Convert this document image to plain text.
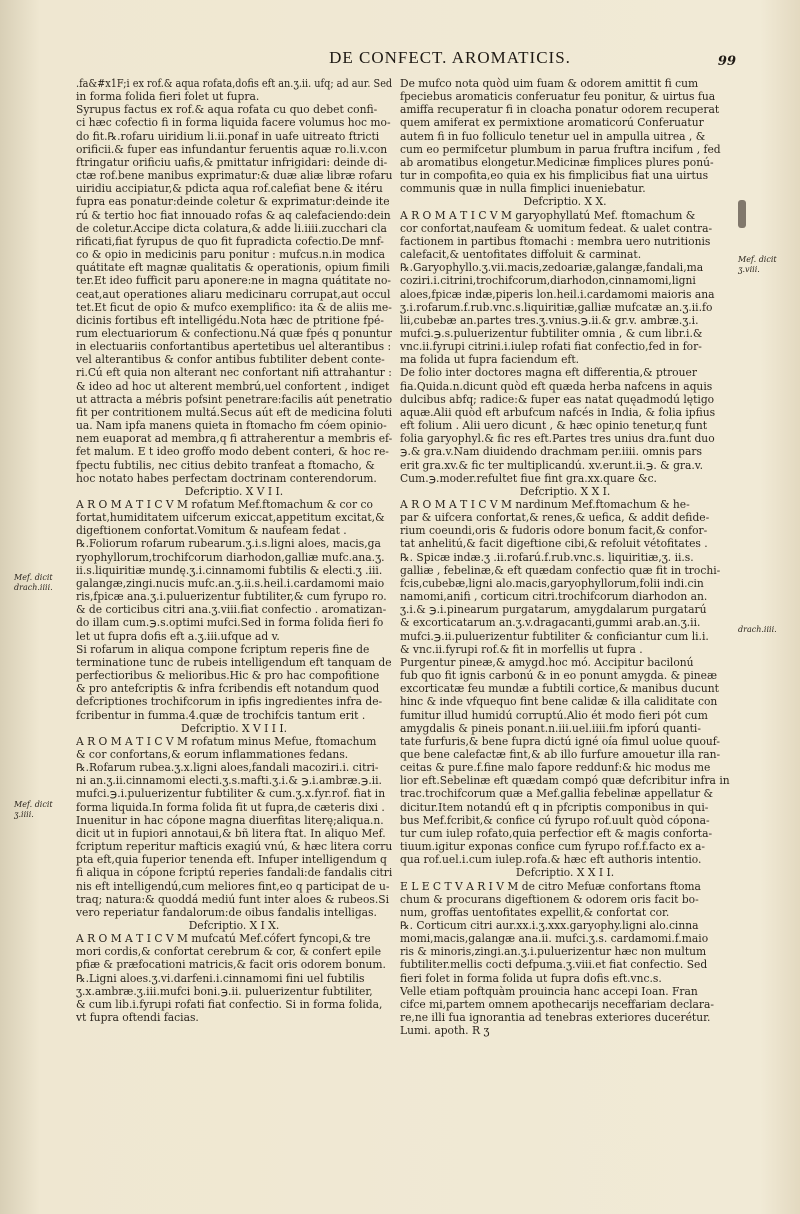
DE CONFECT. AROMATICIS.	99

.fa&#x1F;i ex rof.& aqua rofata,dofis eft an.ʒ.ii. ufq; ad aur. Sed

in forma folida fieri folet ut fupra.

Syrupus factus ex rof.& aqua rofata cu quo debet confi-

ci hæc cofectio fi in forma liquida facere volumus hoc mo-

do fit.℞.rofaru uiridium li.ii.ponaf in uafe uitreato ftricti

orificii.& fuper eas infundantur feruentis aquæ ro.li.v.con

ftringatur orificiu uafis,& pmittatur infrigidari: deinde di-

ctæ rof.bene manibus exprimatur:& duæ aliæ libræ rofaru

uiridiu accipiatur,& pdicta aqua rof.calefiat bene & itéru

fupra eas ponatur:deinde coletur & exprimatur:deinde ite

rú & tertio hoc fiat innouado rofas & aq calefaciendo:dein

de coletur.Accipe dicta colatura,& adde li.iiii.zucchari cla

rificati,fiat fyrupus de quo fit fupradicta cofectio.De mnf-

co & opio in medicinis paru ponitur : mufcus.n.in modica

quátitate eft magnæ qualitatis & operationis, opium fimili

ter.Et ideo fufficit paru aponere:ne in magna quátitate no-

ceat,aut operationes aliaru medicinaru corrupat,aut occul

tet.Et ficut de opio & mufco exemplifico: ita & de aliis me-

dicinis fortibus eft intelligédu.Nota hæc de ptritione fpé-

rum electuariorum & confectionu.Ná quæ fpés q ponuntur

in electuariis confortantibus apertetibus uel alterantibus :

vel alterantibus & confor antibus fubtiliter debent conte-

ri.Cú eft quia non alterant nec confortant nifi attrahantur :

& ideo ad hoc ut alterent membrú,uel confortent , indiget

ut attracta a mébris pofsint penetrare:facilis aút penetratio

fit per contritionem multá.Secus aút eft de medicina foluti

ua. Nam ipfa manens quieta in ftomacho fm cóem opinio-

nem euaporat ad membra,q fi attraherentur a membris ef-

fet malum. E t ideo groffo modo debent conteri, & hoc re-

fpectu fubtilis, nec citius debito tranfeat a ftomacho, &

hoc notato habes perfectam doctrinam conterendorum.

Defcriptio. X V I I.

A R O M A T I C V M rofatum Mef.ftomachum & cor co

fortat,humiditatem uifcerum exiccat,appetitum excitat,&

digeftionem confortat.Vomitum & naufeam fedat .

℞.Foliorum rofarum rubearum.ʒ.i.s.ligni aloes, macis,ga

ryophyllorum,trochifcorum diarhodon,galliæ mufc.ana.ʒ.

ii.s.liquiritiæ mundę.ʒ.i.cinnamomi fubtilis & electi.ʒ .iii.

galangæ,zingi.nucis mufc.an.ʒ.ii.s.heil.i.cardamomi maio

ris,fpicæ ana.ʒ.i.puluerizentur fubtiliter,& cum fyrupo ro.

& de corticibus citri ana.ʒ.viii.fiat confectio . aromatizan-

do illam cum.℈.s.optimi mufci.Sed in forma folida fieri fo

let ut fupra dofis eft a.ʒ.iii.ufque ad v.

Si rofarum in aliqua compone fcriptum reperis fine de

terminatione tunc de rubeis intelligendum eft tanquam de

perfectioribus & melioribus.Hic & pro hac compofitione

& pro antefcriptis & infra fcribendis eft notandum quod

defcriptiones trochifcorum in ipfis ingredientes infra de-

fcribentur in fumma.4.quæ de trochifcis tantum erit .

Defcriptio. X V I I I.

A R O M A T I C V M rofatum minus Mefue, ftomachum

& cor confortans,& eorum inflammationes fedans.

℞.Rofarum rubea.ʒ.x.ligni aloes,fandali macoziri.i. citri-

ni an.ʒ.ii.cinnamomi electi.ʒ.s.mafti.ʒ.i.& ℈.i.ambræ.℈.ii.

mufci.℈.i.puluerizentur fubtiliter & cum.ʒ.x.fyr.rof. fiat in

forma liquida.In forma folida fit ut fupra,de cæteris dixi .

Inuenitur in hac cópone magna diuerfitas literę;aliqua.n.

dicit ut in fupiori annotaui,& bñ litera ftat. In aliquo Mef.

fcriptum reperitur mafticis exagiú vnú, & hæc litera corru

pta eft,quia fuperior tenenda eft. Infuper intelligendum q

fi aliqua in cópone fcriptú reperies fandali:de fandalis citri

nis eft intelligendú,cum meliores fint,eo q participat de u-

traq; natura:& quoddá mediú funt inter aloes & rubeos.Si

vero reperiatur fandalorum:de oibus fandalis intelligas.

Defcriptio. X I X.

A R O M A T I C V M mufcatú Mef.cófert fyncopi,& tre

mori cordis,& confortat cerebrum & cor, & confert epile

pfiæ & præfocationi matricis,& facit oris odorem bonum.

℞.Ligni aloes.ʒ.vi.darfeni.i.cinnamomi fini uel fubtilis

ʒ.x.ambræ.ʒ.iii.mufci boni.℈.ii. puluerizentur fubtiliter,

& cum lib.i.fyrupi rofati fiat confectio. Si in forma folida,

vt fupra oftendi facias.

De mufco nota quòd uim fuam & odorem amittit fi cum

fpeciebus aromaticis conferuatur feu ponitur, & uirtus fua

amiffa recuperatur fi in cloacha ponatur odorem recuperat

quem amiferat ex permixtione aromaticorú Conferuatur

autem fi in fuo folliculo tenetur uel in ampulla uitrea , &

cum eo permifcetur plumbum in parua fruftra incifum , fed

ab aromatibus elongetur.Medicinæ fimplices plures ponú-

tur in compofita,eo quia ex his fimplicibus fiat una uirtus

communis quæ in nulla fimplici inueniebatur.

Defcriptio. X X.

A R O M A T I C V M garyophyllatú Mef. ftomachum &

cor confortat,naufeam & uomitum fedeat. & ualet contra-

factionem in partibus ftomachi : membra uero nutritionis

calefacit,& uentofitates diffoluit & carminat.

℞.Garyophyllo.ʒ.vii.macis,zedoariæ,galangæ,fandali,ma

coziri.i.citrini,trochifcorum,diarhodon,cinnamomi,ligni

aloes,fpicæ indæ,piperis lon.heil.i.cardamomi maioris ana

ʒ.i.rofarum.f.rub.vnc.s.liquiritiæ,galliæ mufcatæ an.ʒ.ii.fo

lii,cubebæ an.partes tres.ʒ.vnius.℈.ii.& gr.v. ambræ.ʒ.i.

mufci.℈.s.puluerizentur fubtiliter omnia , & cum libr.i.&

vnc.ii.fyrupi citrini.i.iulep rofati fiat confectio,fed in for-

ma folida ut fupra faciendum eft.

De folio inter doctores magna eft differentia,& ptrouer

fia.Quida.n.dicunt quòd eft quæda herba nafcens in aquis

dulcibus abfq; radice:& fuper eas natat quęadmodú lętigo

aquæ.Alii quòd eft arbufcum nafcés in India, & folia ipfius

eft folium . Alii uero dicunt , & hæc opinio tenetur,q funt

folia garyophyl.& fic res eft.Partes tres unius dra.funt duo

℈.& gra.v.Nam diuidendo drachmam per.iiii. omnis pars

erit gra.xv.& fic ter multiplicandú. xv.erunt.ii.℈. & gra.v.

Cum.℈.moder.refultet fiue fint gra.xx.quare &c.

Defcriptio. X X I.

A R O M A T I C V M nardinum Mef.ftomachum & he-

par & uifcera confortat,& renes,& uefica, & addit defide-

rium coeundi,oris & fudoris odore bonum facit,& confor-

tat anhelitú,& facit digeftione cibi,& refoluit vétofitates .

℞. Spicæ indæ.ʒ .ii.rofarú.f.rub.vnc.s. liquiritiæ,ʒ. ii.s.

galliæ , febelinæ,& eft quædam confectio quæ fit in trochi-

fcis,cubebæ,ligni alo.macis,garyophyllorum,folii indi.cin

namomi,anifi , corticum citri.trochifcorum diarhodon an.

ʒ.i.& ℈.i.pinearum purgatarum, amygdalarum purgatarú

& excorticatarum an.ʒ.v.dragacanti,gummi arab.an.ʒ.ii.

mufci.℈.ii.puluerizentur fubtiliter & conficiantur cum li.i.

& vnc.ii.fyrupi rof.& fit in morfellis ut fupra .

Purgentur pineæ,& amygd.hoc mó. Accipitur bacilonú

fub quo fit ignis carbonú & in eo ponunt amygda. & pineæ

excorticatæ feu mundæ a fubtili cortice,& manibus ducunt

hinc & inde vfquequo fint bene calidæ & illa caliditate con

fumitur illud humidú corruptú.Alio ét modo fieri pót cum

amygdalis & pineis ponant.n.iii.uel.iiii.fm ipforú quanti-

tate furfuris,& bene fupra dictú igné oía fimul uolue quouf-

que bene calefactæ fint,& ab illo furfure amouetur illa ran-

ceitas & pure.f.fine malo fapore reddunf:& hic modus me

lior eft.Sebelinæ eft quædam compó quæ defcribitur infra in

trac.trochifcorum quæ a Mef.gallia febelinæ appellatur &

dicitur.Item notandú eft q in pfcriptis componibus in qui-

bus Mef.fcribit,& confice cú fyrupo rof.uult quòd cópona-

tur cum iulep rofato,quia perfectior eft & magis conforta-

tiuum.igitur exponas confice cum fyrupo rof.f.facto ex a-

qua rof.uel.i.cum iulep.rofa.& hæc eft authoris intentio.

Defcriptio. X X I I.

E L E C T V A R I V M de citro Mefuæ confortans ftoma

chum & procurans digeftionem & odorem oris facit bo-

num, groffas uentofitates expellit,& confortat cor.

℞. Corticum citri aur.xx.i.ʒ.xxx.garyophy.ligni alo.cinna

momi,macis,galangæ ana.ii. mufci.ʒ.s. cardamomi.f.maio

ris & minoris,zingi.an.ʒ.i.puluerizentur hæc non multum

fubtiliter.mellis cocti defpuma.ʒ.viii.et fiat confectio. Sed

fieri folet in forma folida ut fupra dofis eft.vnc.s.

Velle etiam poftquàm prouincia hanc accepi Ioan. Fran

cifce mi,partem omnem apothecarijs neceffariam declara-

re,ne illi fua ignorantia ad tenebras exteriores ducerétur.

Lumi. apoth. R ʒ

Mef. dicit
drach.iiii.
Mef. dicit
ʒ.iiii.
Mef. dicit
ʒ.viii.
drach.iiii.
